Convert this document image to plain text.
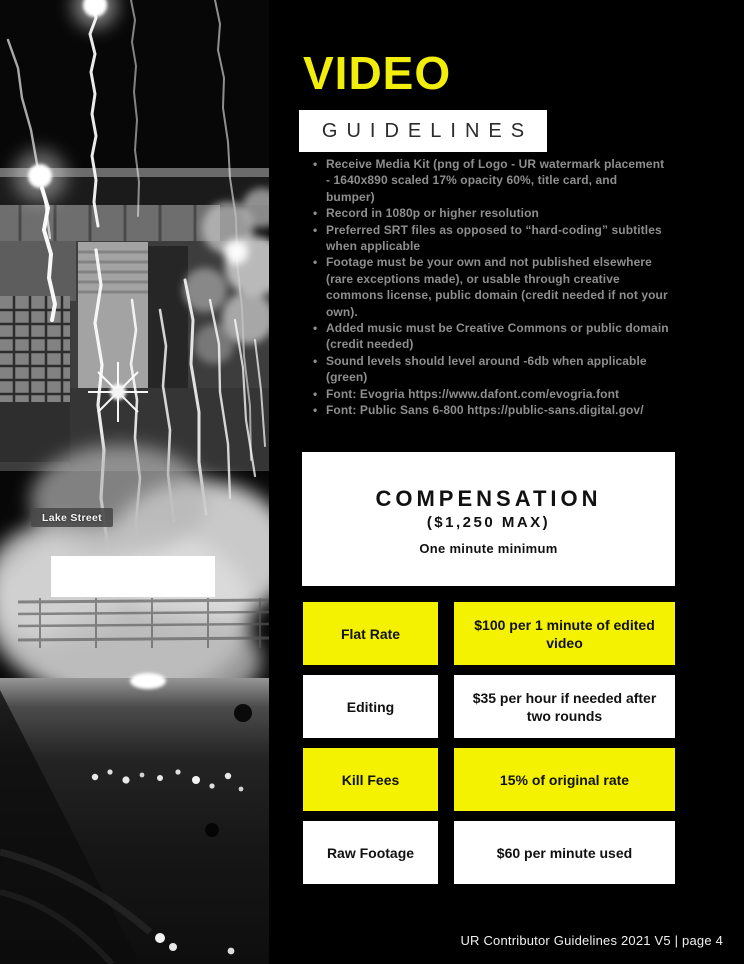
Lake Street
VIDEO
GUIDELINES
• Receive Media Kit (png of Logo - UR watermark placement - 1640x890 scaled 17% opacity 60%, title card, and bumper)
• Record in 1080p or higher resolution
• Preferred SRT files as opposed to “hard-coding” subtitles when applicable
• Footage must be your own and not published elsewhere (rare exceptions made), or usable through creative commons license, public domain (credit needed if not your own).
• Added music must be Creative Commons or public domain (credit needed)
• Sound levels should level around -6db when applicable (green)
• Font: Evogria https://www.dafont.com/evogria.font
• Font: Public Sans 6-800 https://public-sans.digital.gov/
COMPENSATION
($1,250 MAX)
One minute minimum
Flat Rate
$100 per 1 minute of edited video
Editing
$35 per hour if needed after two rounds
Kill Fees	15% of original rate
Raw Footage	$60 per minute used
UR Contributor Guidelines 2021 V5 | page 4
